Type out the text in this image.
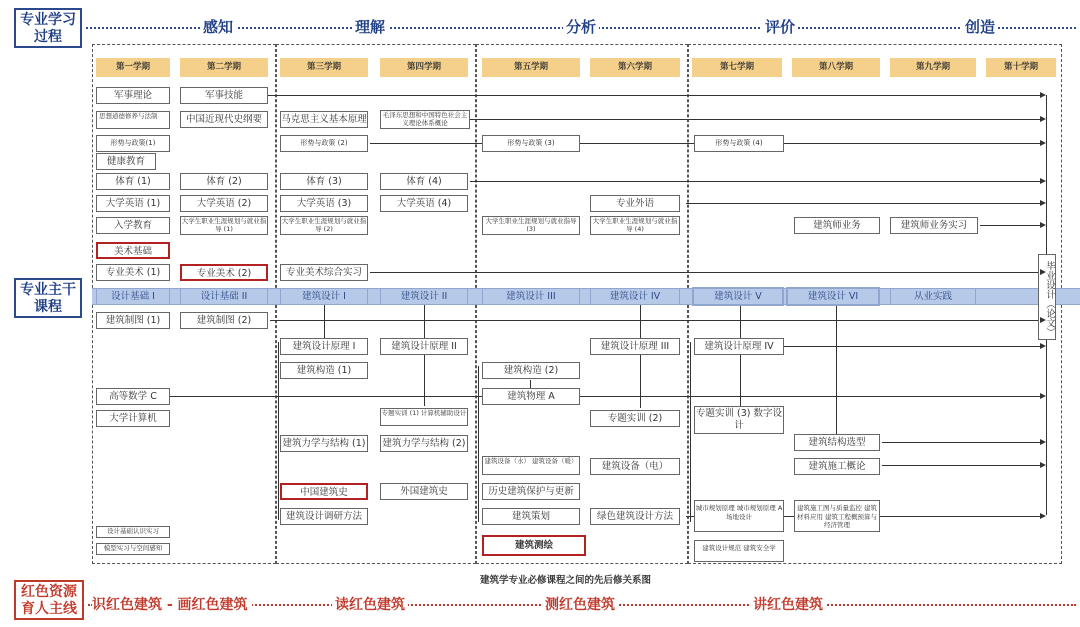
专业学习过程
专业主干课程
红色资源育人主线
感知	理解	分析	评价	创造
第一学期	第二学期	第三学期	第四学期	第五学期	第六学期	第七学期	第八学期	第九学期	第十学期
军事理论
思想道德修养与法制
形势与政策(1)
健康教育
体育 (1)
大学英语 (1)
入学教育
美术基础
专业美术 (1)
设计基础 I
建筑制图 (1)
高等数学 C
大学计算机
设计基础认识实习
模型实习与空间感知
军事技能
中国近现代史纲要
体育 (2)
大学英语 (2)
大学生职业生涯规划与就业指导 (1)
专业美术 (2)
设计基础 II
建筑制图 (2)
马克思主义基本原理
形势与政策 (2)
体育 (3)
大学英语 (3)
大学生职业生涯规划与就业指导 (2)
专业美术综合实习
建筑设计 I
建筑设计原理 I
建筑构造 (1)
建筑力学与结构 (1)
中国建筑史
建筑设计调研方法
毛泽东思想和中国特色社会主义理论体系概论
体育 (4)
大学英语 (4)
建筑设计 II
建筑设计原理 II
专题实训 (1) 计算机辅助设计
建筑力学与结构 (2)
外国建筑史
形势与政策 (3)
大学生职业生涯规划与就业指导 (3)
建筑设计 III
建筑构造 (2)
建筑物理 A
建筑设备（水） 建筑设备（暖）
历史建筑保护与更新
建筑策划
建筑测绘
专业外语
大学生职业生涯规划与就业指导 (4)
建筑设计 IV
建筑设计原理 III
专题实训 (2)
建筑设备（电）
绿色建筑设计方法
形势与政策 (4)
建筑设计 V
建筑设计原理 IV
专题实训 (3) 数字设计
城市规划原理 城市规划原理 A 场地设计
建筑设计规范 建筑安全学
建筑师业务
建筑设计 VI
建筑结构选型
建筑施工概论
建筑施工图与质量监控 建筑材料应用 建筑工程概预算与经济管理
建筑师业务实习
从业实践	毕业设计（论文）
建筑学专业必修课程之间的先后修关系图
识红色建筑 - 画红色建筑	读红色建筑	测红色建筑	讲红色建筑
